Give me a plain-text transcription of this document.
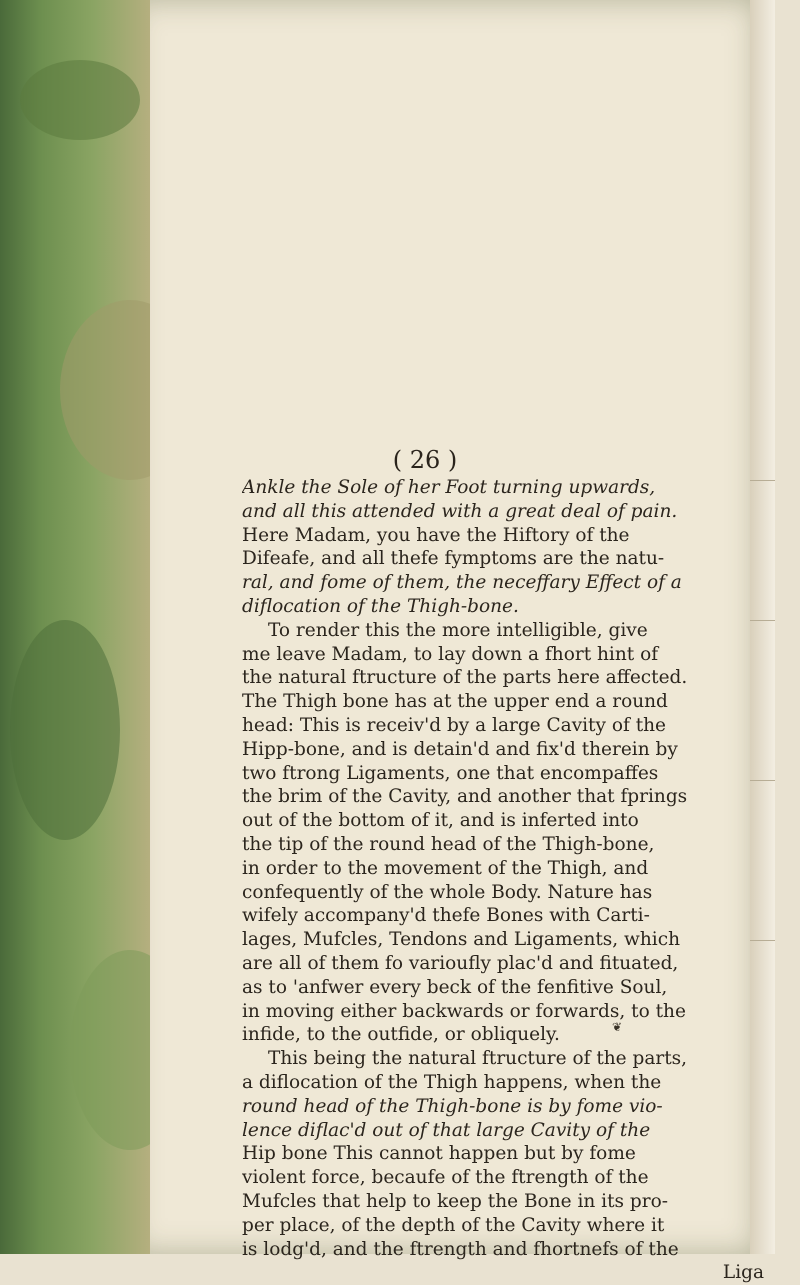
( 26 )
Ankle the Sole of her Foot turning upwards,
and all this attended with a great deal of pain.
Here Madam, you have the Hiftory of the
Difeafe, and all thefe fymptoms are the natu-
ral, and fome of them, the neceffary Effect of a
diflocation of the Thigh-bone.
To render this the more intelligible, give
me leave Madam, to lay down a fhort hint of
the natural ftructure of the parts here affected.
The Thigh bone has at the upper end a round
head: This is receiv'd by a large Cavity of the
Hipp-bone, and is detain'd and fix'd therein by
two ftrong Ligaments, one that encompaffes
the brim of the Cavity, and another that fprings
out of the bottom of it, and is inferted into
the tip of the round head of the Thigh-bone,
in order to the movement of the Thigh, and
confequently of the whole Body. Nature has
wifely accompany'd thefe Bones with Carti-
lages, Mufcles, Tendons and Ligaments, which
are all of them fo varioufly plac'd and fituated,
as to 'anfwer every beck of the fenfitive Soul,
in moving either backwards or forwards, to the
infide, to the outfide, or obliquely.
This being the natural ftructure of the parts,
a diflocation of the Thigh happens, when the
round head of the Thigh-bone is by fome vio-
lence diflac'd out of that large Cavity of the
Hip bone This cannot happen but by fome
violent force, becaufe of the ftrength of the
Mufcles that help to keep the Bone in its pro-
per place, of the depth of the Cavity where it
is lodg'd, and the ftrength and fhortnefs of the
Liga
❦
